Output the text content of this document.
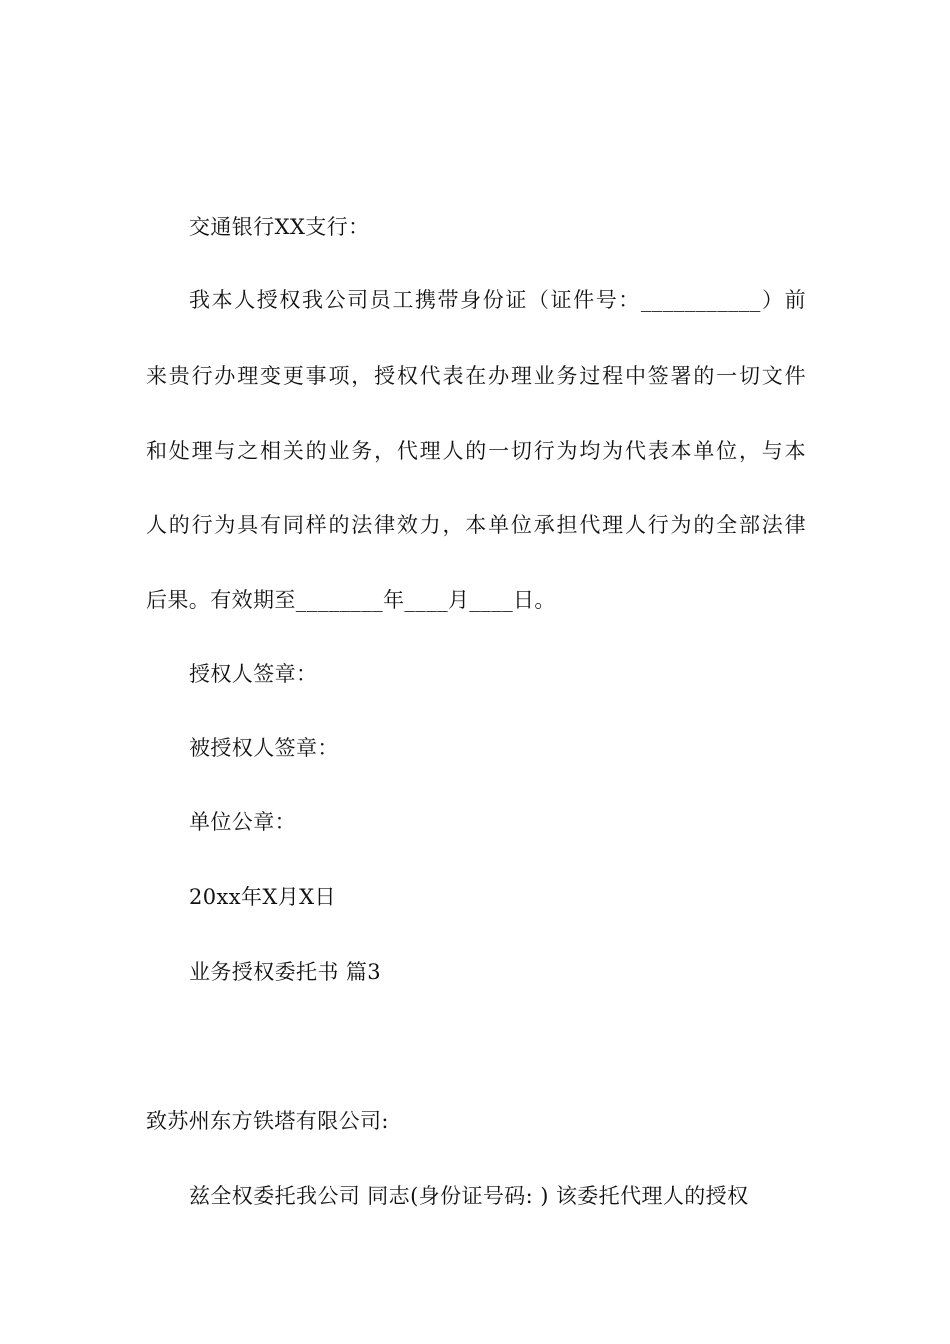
交通银行XX支行：
我本人授权我公司员工携带身份证（证件号：___________）前
来贵行办理变更事项，授权代表在办理业务过程中签署的一切文件
和处理与之相关的业务，代理人的一切行为均为代表本单位，与本
人的行为具有同样的法律效力，本单位承担代理人行为的全部法律
后果。有效期至________年____月____日。
授权人签章：
被授权人签章：
单位公章：
20xx年X月X日
业务授权委托书 篇3
致苏州东方铁塔有限公司:
兹全权委托我公司 同志(身份证号码: ) 该委托代理人的授权
